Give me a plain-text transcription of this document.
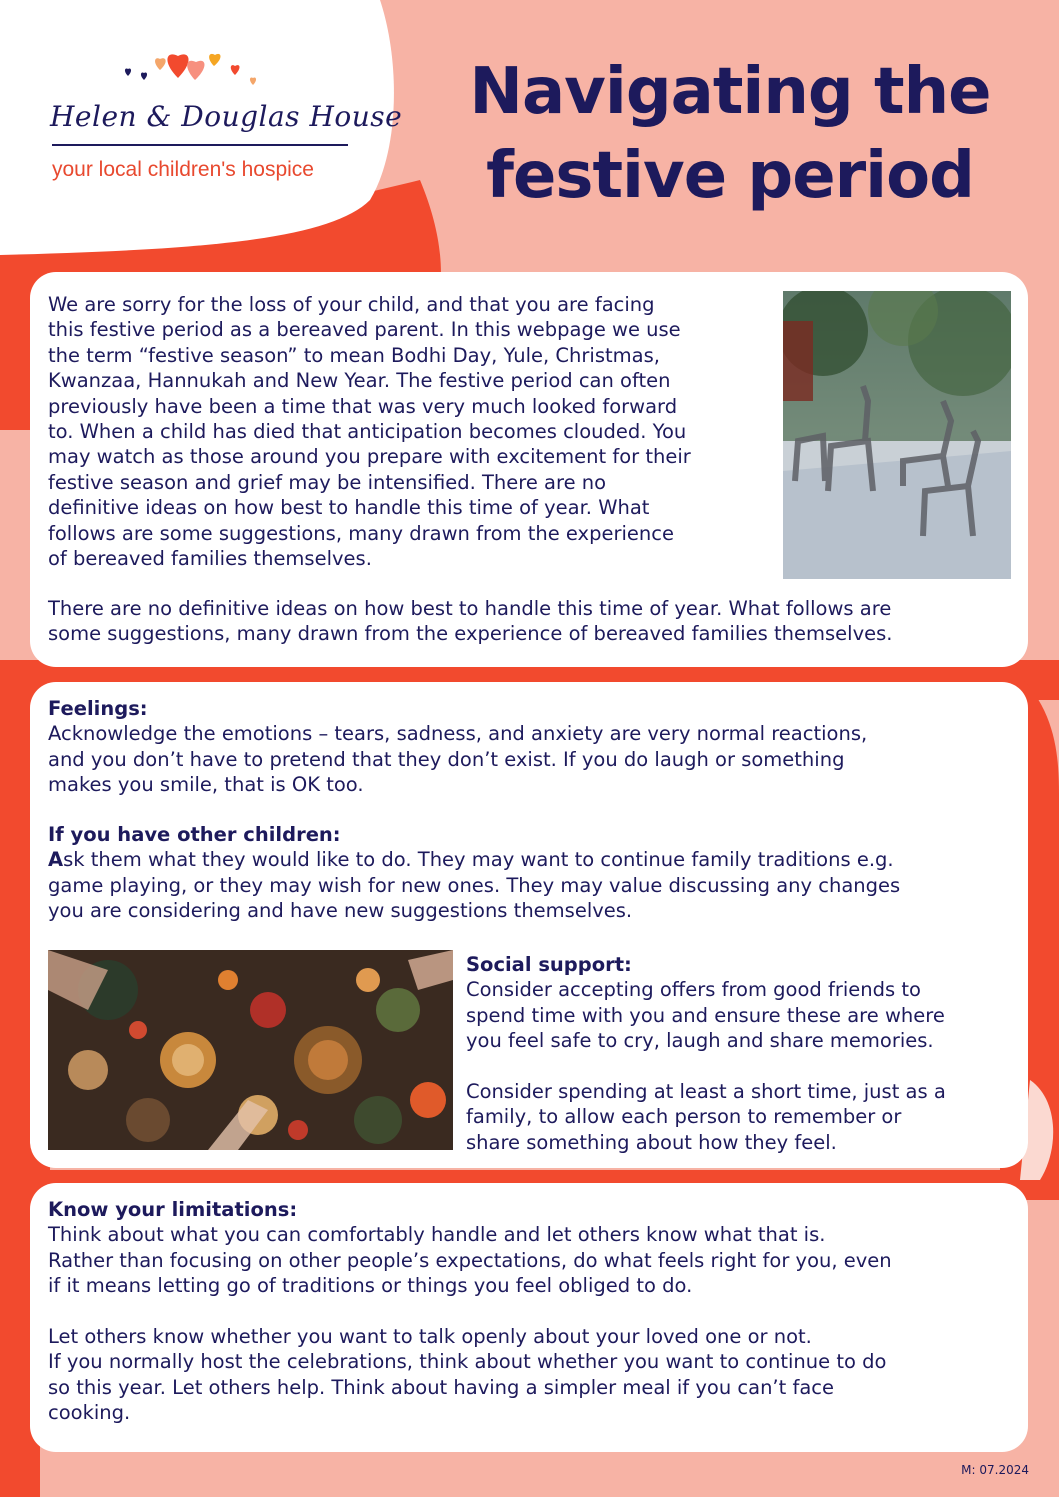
Helen & Douglas House
your local children's hospice
Navigating the
festive period
We are sorry for the loss of your child, and that you are facing
this festive period as a bereaved parent. In this webpage we use
the term “festive season” to mean Bodhi Day, Yule, Christmas,
Kwanzaa, Hannukah and New Year. The festive period can often
previously have been a time that was very much looked forward
to. When a child has died that anticipation becomes clouded. You
may watch as those around you prepare with excitement for their
festive season and grief may be intensified. There are no
definitive ideas on how best to handle this time of year. What
follows are some suggestions, many drawn from the experience
of bereaved families themselves.
There are no definitive ideas on how best to handle this time of year. What follows are
some suggestions, many drawn from the experience of bereaved families themselves.
Feelings:
Acknowledge the emotions – tears, sadness, and anxiety are very normal reactions,
and you don’t have to pretend that they don’t exist. If you do laugh or something
makes you smile, that is OK too.
If you have other children:
Ask them what they would like to do. They may want to continue family traditions e.g.
game playing, or they may wish for new ones. They may value discussing any changes
you are considering and have new suggestions themselves.
Social support:
Consider accepting offers from good friends to
spend time with you and ensure these are where
you feel safe to cry, laugh and share memories.
Consider spending at least a short time, just as a
family, to allow each person to remember or
share something about how they feel.
Know your limitations:
Think about what you can comfortably handle and let others know what that is.
Rather than focusing on other people’s expectations, do what feels right for you, even
if it means letting go of traditions or things you feel obliged to do.
Let others know whether you want to talk openly about your loved one or not.
If you normally host the celebrations, think about whether you want to continue to do
so this year. Let others help. Think about having a simpler meal if you can’t face
cooking.
M: 07.2024
